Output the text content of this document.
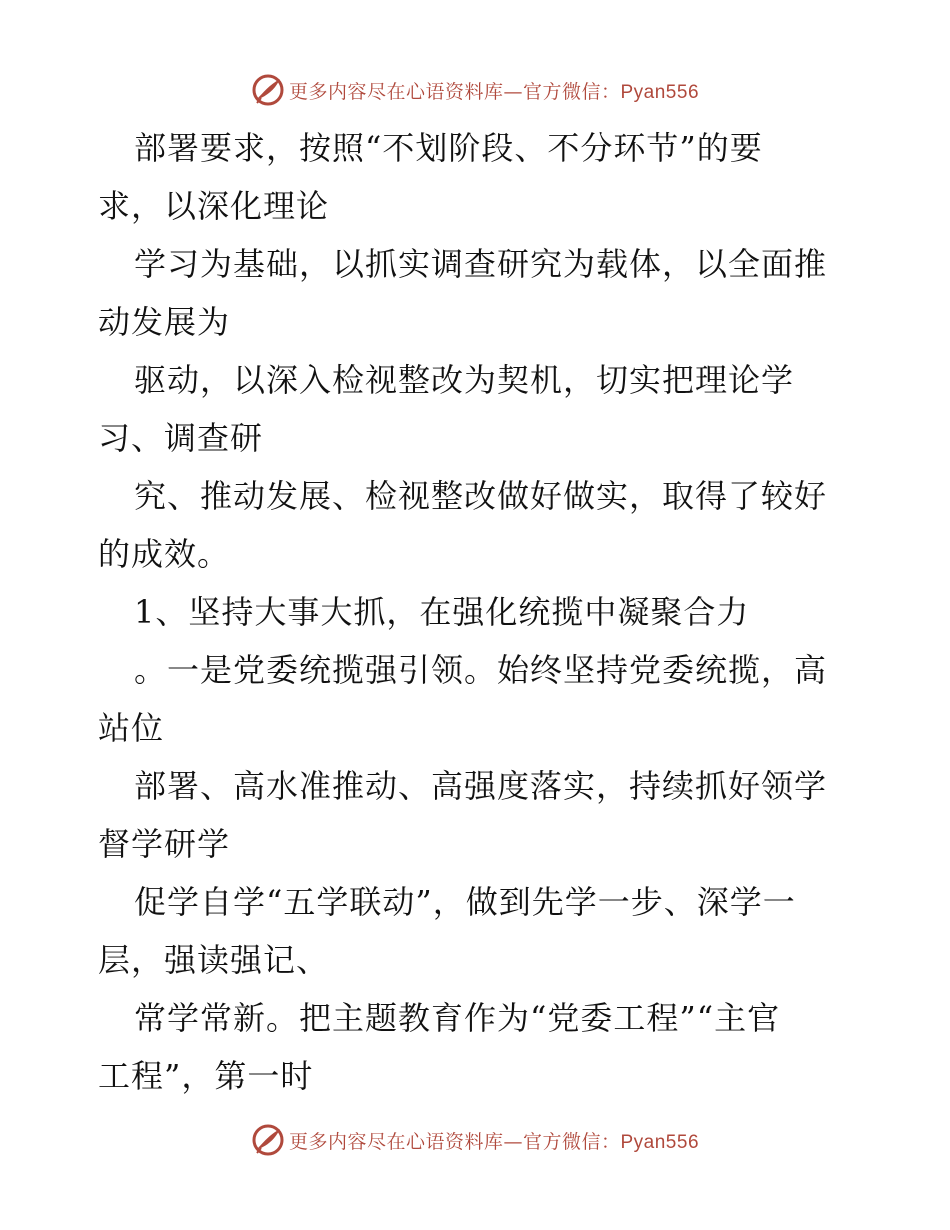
更多内容尽在心语资料库—官方微信：Pyan556
部署要求，按照“不划阶段、不分环节”的要
求，以深化理论
学习为基础，以抓实调查研究为载体，以全面推
动发展为
驱动，以深入检视整改为契机，切实把理论学
习、调查研
究、推动发展、检视整改做好做实，取得了较好
的成效。
1、坚持大事大抓，在强化统揽中凝聚合力
。一是党委统揽强引领。始终坚持党委统揽，高
站位
部署、高水准推动、高强度落实，持续抓好领学
督学研学
促学自学“五学联动”，做到先学一步、深学一
层，强读强记、
常学常新。把主题教育作为“党委工程”“主官
工程”，第一时
更多内容尽在心语资料库—官方微信：Pyan556
